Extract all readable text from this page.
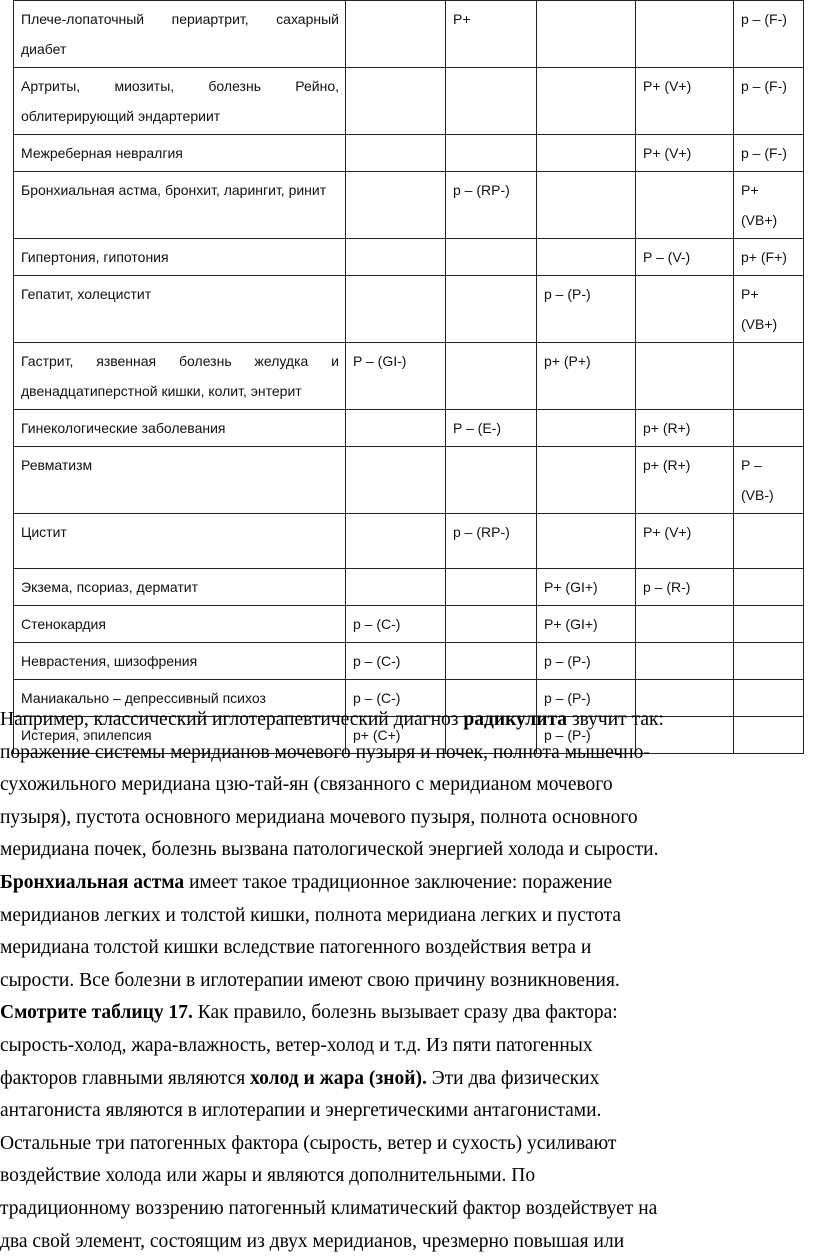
Плече-лопаточный периартрит, сахарный диабет		P+			p – (F-)
Артриты, миозиты, болезнь Рейно, облитерирующий эндартериит				P+ (V+)	p – (F-)
Межреберная невралгия				P+ (V+)	p – (F-)
Бронхиальная астма, бронхит, ларингит, ринит		p – (RP-)			P+ (VB+)
Гипертония, гипотония				P – (V-)	p+ (F+)
Гепатит, холецистит			p – (P-)		P+ (VB+)
Гастрит, язвенная болезнь желудка и двенадцатиперстной кишки, колит, энтерит	P – (GI-)		p+ (P+)		
Гинекологические заболевания		P – (E-)		p+ (R+)	
Ревматизм				p+ (R+)	P – (VB-)
Цистит		p – (RP-)		P+ (V+)	
Экзема, псориаз, дерматит			P+ (GI+)	p – (R-)	
Стенокардия	p – (C-)		P+ (GI+)		
Неврастения, шизофрения	p – (C-)		p – (P-)		
Маниакально – депрессивный психоз	p – (C-)		p – (P-)		
Истерия, эпилепсия	p+ (C+)		p – (P-)		
Например, классический иглотерапевтический диагноз радикулита звучит так:
поражение системы меридианов мочевого пузыря и почек, полнота мышечно-
сухожильного меридиана цзю-тай-ян (связанного с меридианом мочевого
пузыря), пустота основного меридиана мочевого пузыря, полнота основного
меридиана почек, болезнь вызвана патологической энергией холода и сырости.
Бронхиальная астма имеет такое традиционное заключение: поражение
меридианов легких и толстой кишки, полнота меридиана легких и пустота
меридиана толстой кишки вследствие патогенного воздействия ветра и
сырости. Все болезни в иглотерапии имеют свою причину возникновения.
Смотрите таблицу 17. Как правило, болезнь вызывает сразу два фактора:
сырость-холод, жара-влажность, ветер-холод и т.д. Из пяти патогенных
факторов главными являются холод и жара (зной). Эти два физических
антагониста являются в иглотерапии и энергетическими антагонистами.
Остальные три патогенных фактора (сырость, ветер и сухость) усиливают
воздействие холода или жары и являются дополнительными. По
традиционному воззрению патогенный климатический фактор воздействует на
два свой элемент, состоящим из двух меридианов, чрезмерно повышая или
